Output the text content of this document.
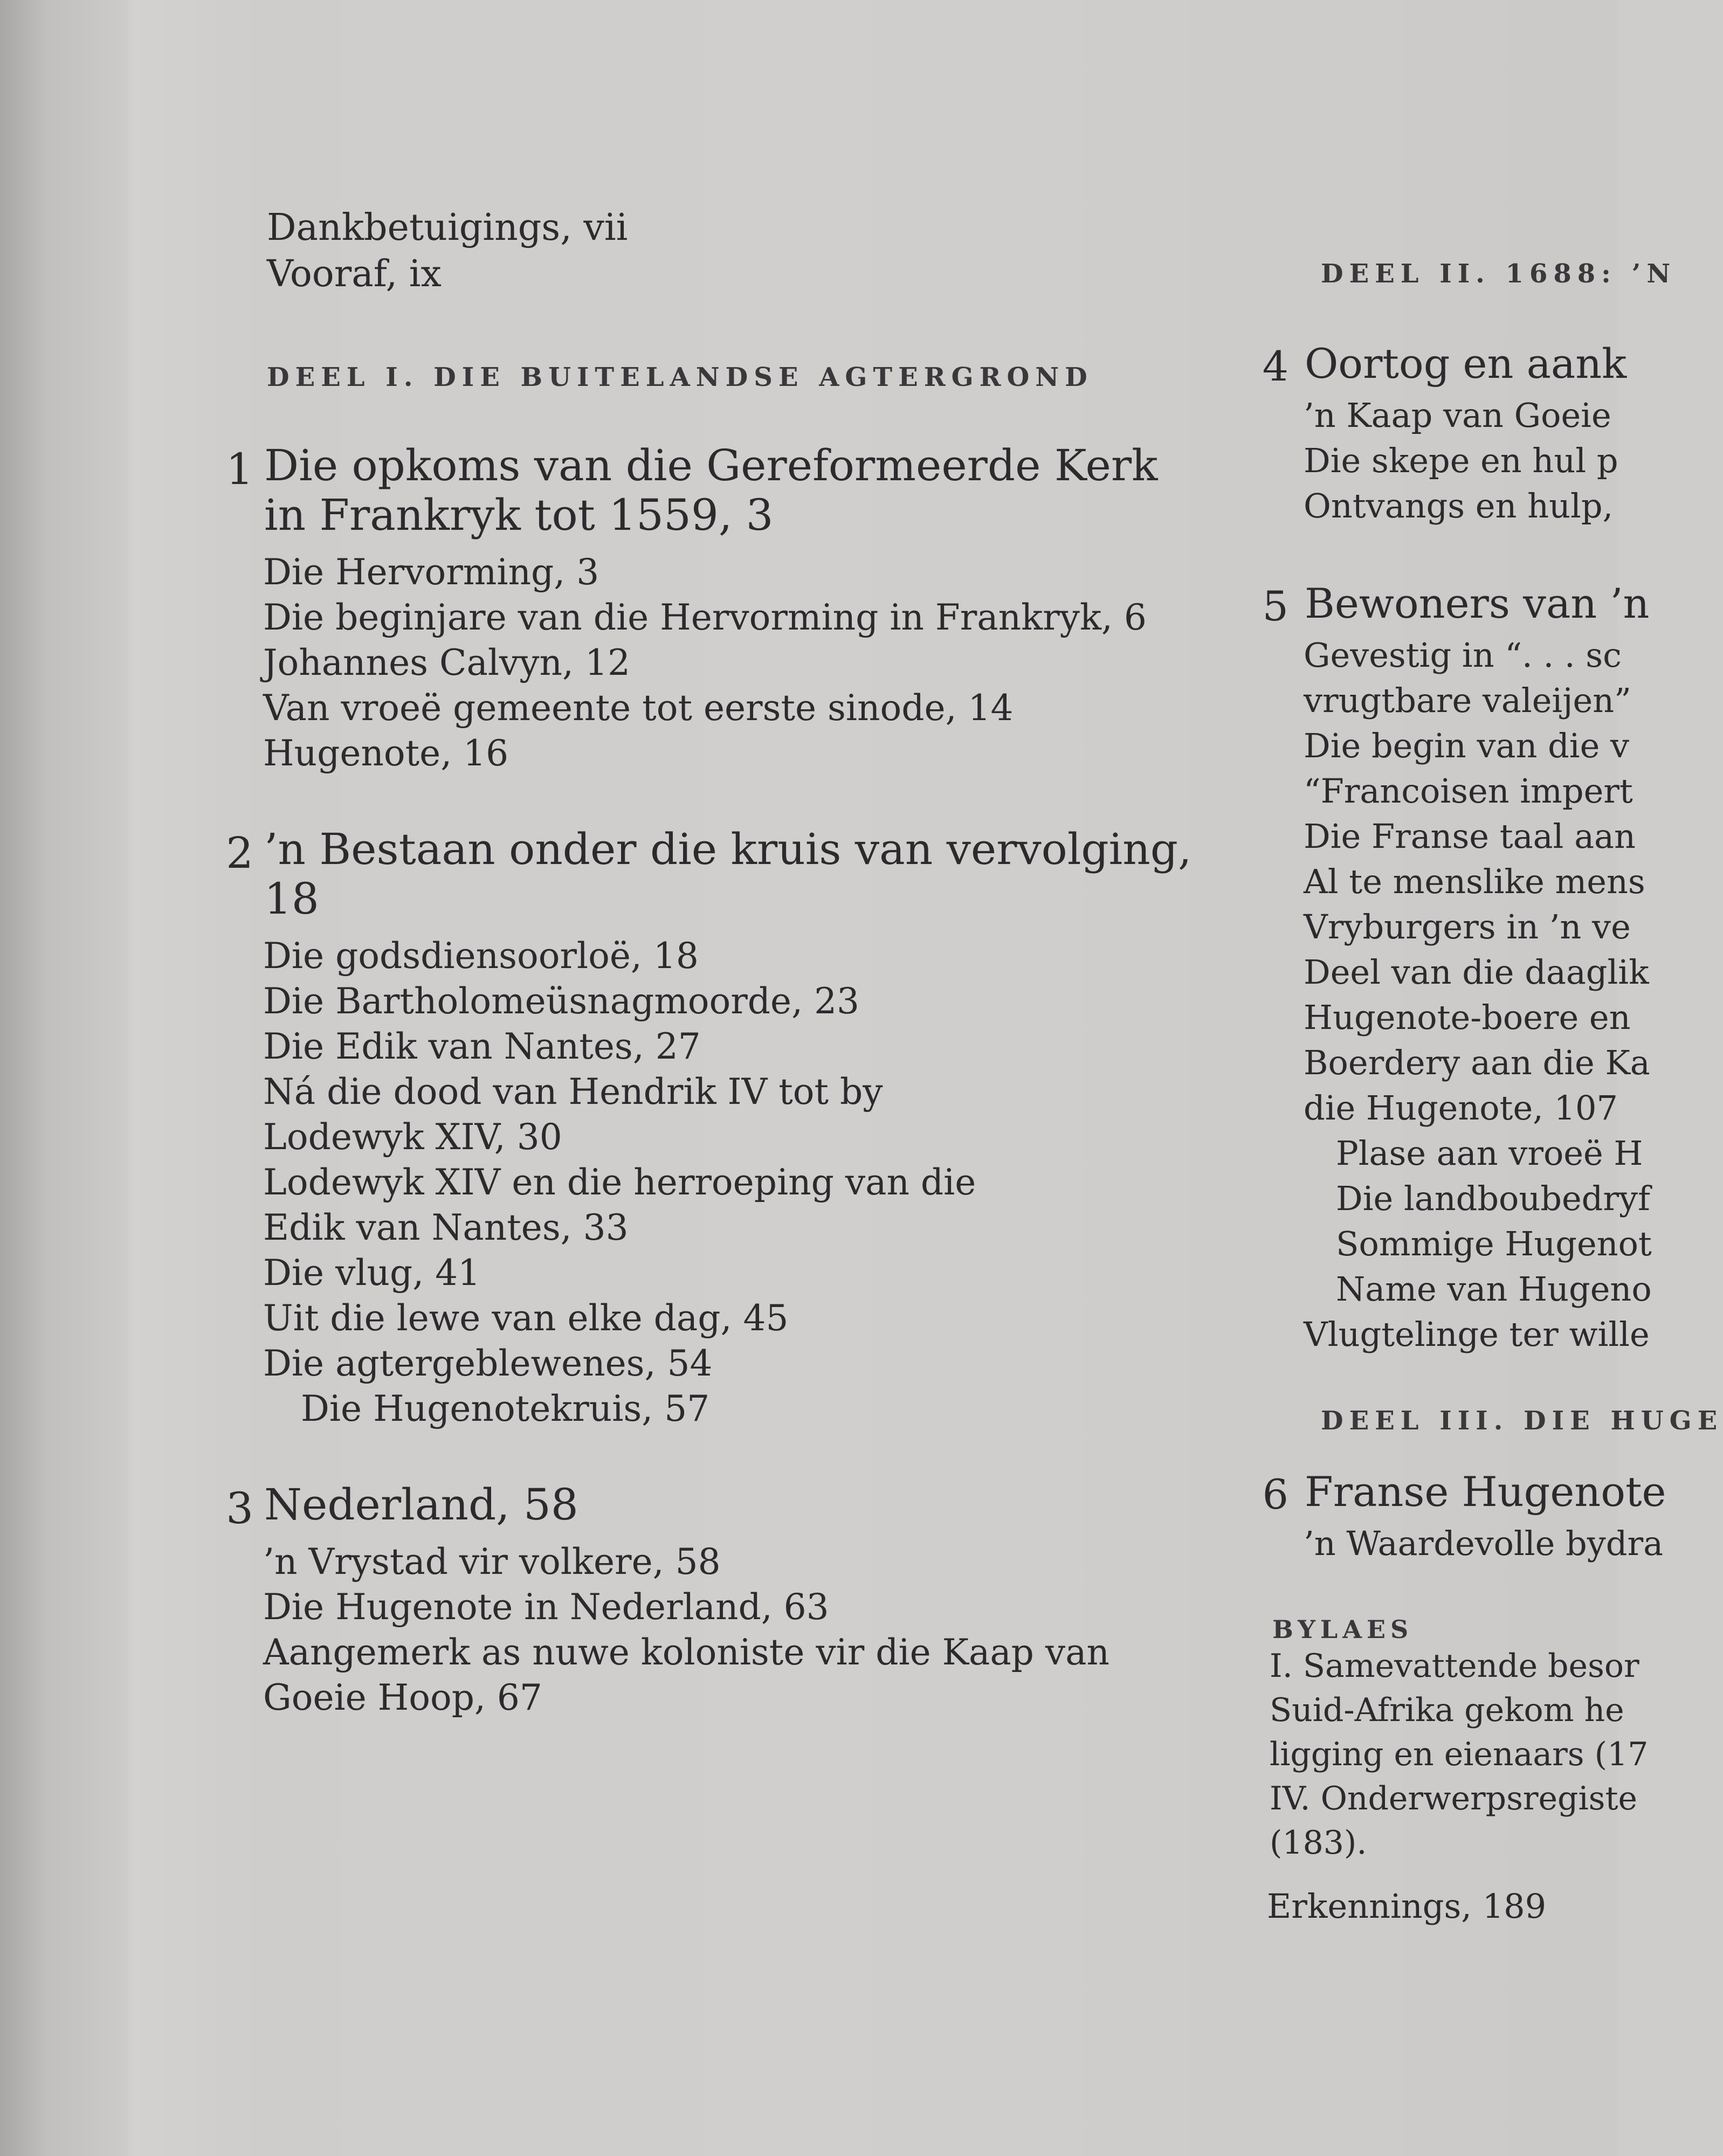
Dankbetuigings, vii
Vooraf, ix
DEEL I. DIE BUITELANDSE AGTERGROND
1 Die opkoms van die Gereformeerde Kerk in Frankryk tot 1559, 3
Die Hervorming, 3
Die beginjare van die Hervorming in Frankryk, 6
Johannes Calvyn, 12
Van vroeë gemeente tot eerste sinode, 14
Hugenote, 16
2 ’n Bestaan onder die kruis van vervolging, 18
Die godsdiensoorloë, 18
Die Bartholomeüsnagmoorde, 23
Die Edik van Nantes, 27
Ná die dood van Hendrik IV tot by
Lodewyk XIV, 30
Lodewyk XIV en die herroeping van die
Edik van Nantes, 33
Die vlug, 41
Uit die lewe van elke dag, 45
Die agtergeblewenes, 54
Die Hugenotekruis, 57
3 Nederland, 58
’n Vrystad vir volkere, 58
Die Hugenote in Nederland, 63
Aangemerk as nuwe koloniste vir die Kaap van
Goeie Hoop, 67
DEEL II. 1688: ’N
4 Oortog en aank
’n Kaap van Goeie
Die skepe en hul p
Ontvangs en hulp,
5 Bewoners van ’n
Gevestig in “. . . sc
vrugtbare valeijen”
Die begin van die v
“Francoisen impert
Die Franse taal aan
Al te menslike mens
Vryburgers in ’n ve
Deel van die daaglik
Hugenote-boere en
Boerdery aan die Ka
die Hugenote, 107
Plase aan vroeë H
Die landboubedryf
Sommige Hugenot
Name van Hugeno
Vlugtelinge ter wille
DEEL III. DIE HUGE
6 Franse Hugenote
’n Waardevolle bydra
BYLAES
I. Samevattende besor
Suid-Afrika gekom he
ligging en eienaars (17
IV. Onderwerpsregiste
(183).
Erkennings, 189
